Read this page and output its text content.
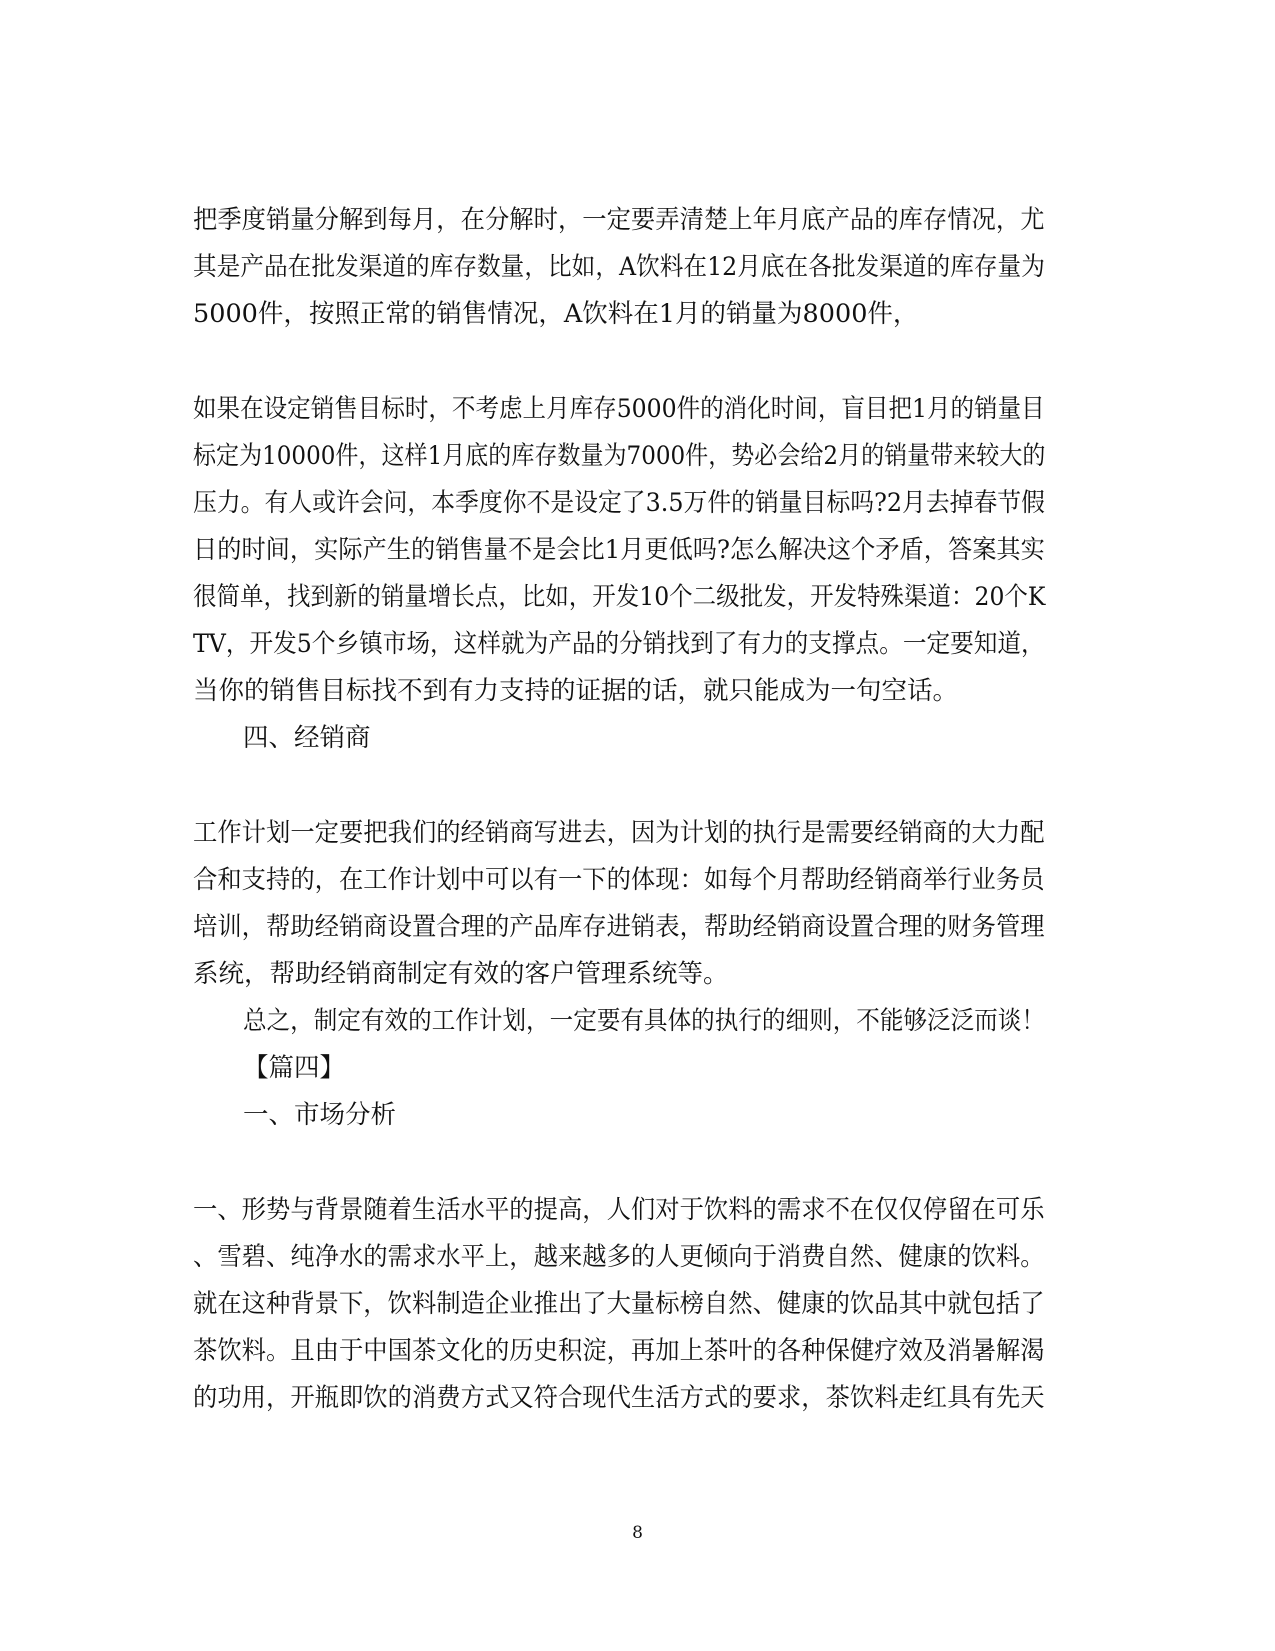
把季度销量分解到每月，在分解时，一定要弄清楚上年月底产品的库存情况，尤
其是产品在批发渠道的库存数量，比如，A饮料在12月底在各批发渠道的库存量为
5000件，按照正常的销售情况，A饮料在1月的销量为8000件，
如果在设定销售目标时，不考虑上月库存5000件的消化时间，盲目把1月的销量目
标定为10000件，这样1月底的库存数量为7000件，势必会给2月的销量带来较大的
压力。有人或许会问，本季度你不是设定了3.5万件的销量目标吗?2月去掉春节假
日的时间，实际产生的销售量不是会比1月更低吗?怎么解决这个矛盾，答案其实
很简单，找到新的销量增长点，比如，开发10个二级批发，开发特殊渠道：20个K
TV，开发5个乡镇市场，这样就为产品的分销找到了有力的支撑点。一定要知道，
当你的销售目标找不到有力支持的证据的话，就只能成为一句空话。
四、经销商
工作计划一定要把我们的经销商写进去，因为计划的执行是需要经销商的大力配
合和支持的，在工作计划中可以有一下的体现：如每个月帮助经销商举行业务员
培训，帮助经销商设置合理的产品库存进销表，帮助经销商设置合理的财务管理
系统，帮助经销商制定有效的客户管理系统等。
总之，制定有效的工作计划，一定要有具体的执行的细则，不能够泛泛而谈！
【篇四】
一、市场分析
一、形势与背景随着生活水平的提高，人们对于饮料的需求不在仅仅停留在可乐
、雪碧、纯净水的需求水平上，越来越多的人更倾向于消费自然、健康的饮料。
就在这种背景下，饮料制造企业推出了大量标榜自然、健康的饮品其中就包括了
茶饮料。且由于中国茶文化的历史积淀，再加上茶叶的各种保健疗效及消暑解渴
的功用，开瓶即饮的消费方式又符合现代生活方式的要求，茶饮料走红具有先天
8
